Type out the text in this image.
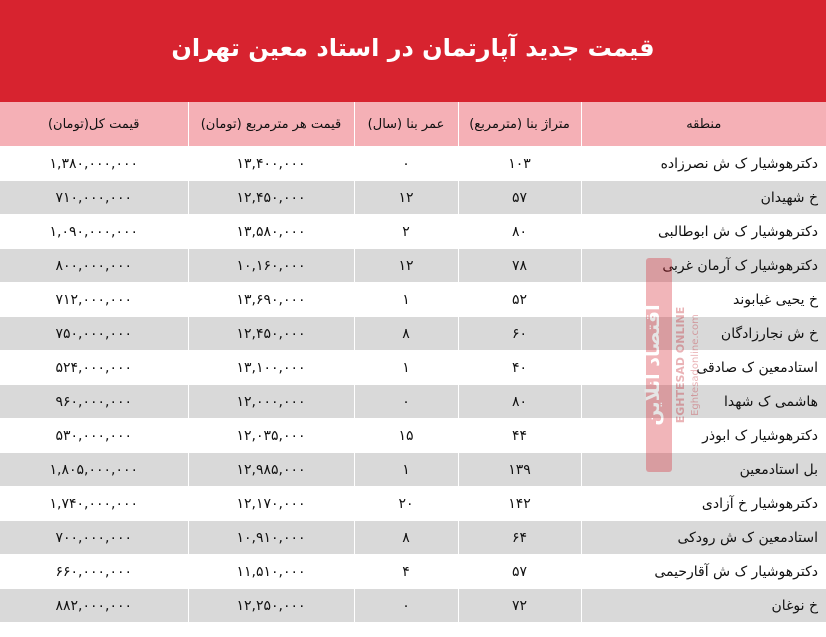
قیمت جدید آپارتمان در استاد معین تهران
منطقه	متراژ بنا (مترمربع)	عمر بنا (سال)	قیمت هر مترمربع (تومان)	قیمت کل(تومان)
دکترهوشیار ک ش نصرزاده	۱۰۳	۰	۱۳,۴۰۰,۰۰۰	۱,۳۸۰,۰۰۰,۰۰۰
خ شهیدان	۵۷	۱۲	۱۲,۴۵۰,۰۰۰	۷۱۰,۰۰۰,۰۰۰
دکترهوشیار ک ش ابوطالبی	۸۰	۲	۱۳,۵۸۰,۰۰۰	۱,۰۹۰,۰۰۰,۰۰۰
دکترهوشیار ک آرمان غربی	۷۸	۱۲	۱۰,۱۶۰,۰۰۰	۸۰۰,۰۰۰,۰۰۰
خ یحیی غیابوند	۵۲	۱	۱۳,۶۹۰,۰۰۰	۷۱۲,۰۰۰,۰۰۰
خ ش نجارزادگان	۶۰	۸	۱۲,۴۵۰,۰۰۰	۷۵۰,۰۰۰,۰۰۰
استادمعین ک صادقی	۴۰	۱	۱۳,۱۰۰,۰۰۰	۵۲۴,۰۰۰,۰۰۰
هاشمی ک شهدا	۸۰	۰	۱۲,۰۰۰,۰۰۰	۹۶۰,۰۰۰,۰۰۰
دکترهوشیار ک ابوذر	۴۴	۱۵	۱۲,۰۳۵,۰۰۰	۵۳۰,۰۰۰,۰۰۰
بل استادمعین	۱۳۹	۱	۱۲,۹۸۵,۰۰۰	۱,۸۰۵,۰۰۰,۰۰۰
دکترهوشیار خ آزادی	۱۴۲	۲۰	۱۲,۱۷۰,۰۰۰	۱,۷۴۰,۰۰۰,۰۰۰
استادمعین ک ش رودکی	۶۴	۸	۱۰,۹۱۰,۰۰۰	۷۰۰,۰۰۰,۰۰۰
دکترهوشیار ک ش آقارحیمی	۵۷	۴	۱۱,۵۱۰,۰۰۰	۶۶۰,۰۰۰,۰۰۰
خ نوغان	۷۲	۰	۱۲,۲۵۰,۰۰۰	۸۸۲,۰۰۰,۰۰۰
اقتصاد آنلاین EGHTESAD ONLINE Eghtesadonline.com
